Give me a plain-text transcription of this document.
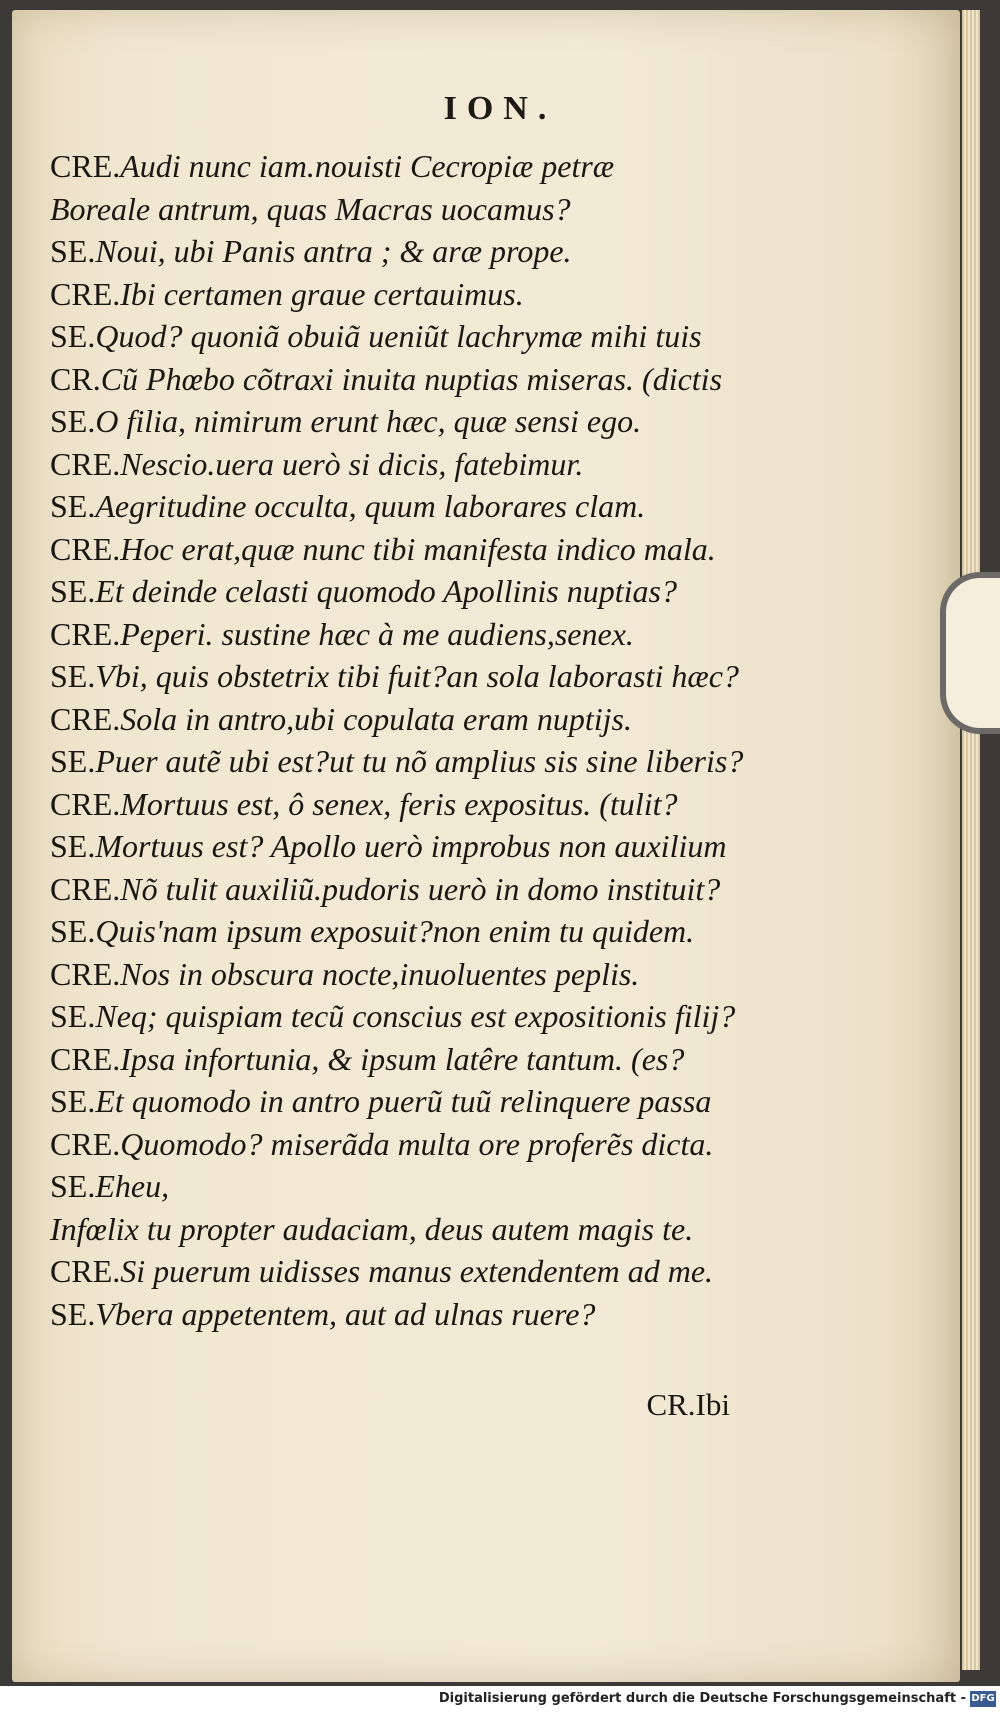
ION.
CRE.Audi nunc iam.nouisti Cecropiæ petræ
Boreale antrum, quas Macras uocamus?
SE.Noui, ubi Panis antra ; & aræ prope.
CRE.Ibi certamen graue certauimus.
SE.Quod? quoniã obuiã ueniũt lachrymæ mihi tuis
CR.Cũ Phœbo cõtraxi inuita nuptias miseras. (dictis
SE.O filia, nimirum erunt hæc, quæ sensi ego.
CRE.Nescio.uera uerò si dicis, fatebimur.
SE.Aegritudine occulta, quum laborares clam.
CRE.Hoc erat,quæ nunc tibi manifesta indico mala.
SE.Et deinde celasti quomodo Apollinis nuptias?
CRE.Peperi. sustine hæc à me audiens,senex.
SE.Vbi, quis obstetrix tibi fuit?an sola laborasti hæc?
CRE.Sola in antro,ubi copulata eram nuptijs.
SE.Puer autẽ ubi est?ut tu nõ amplius sis sine liberis?
CRE.Mortuus est, ô senex, feris expositus. (tulit?
SE.Mortuus est? Apollo uerò improbus non auxilium
CRE.Nõ tulit auxiliũ.pudoris uerò in domo instituit?
SE.Quis'nam ipsum exposuit?non enim tu quidem.
CRE.Nos in obscura nocte,inuoluentes peplis.
SE.Neq; quispiam tecũ conscius est expositionis filij?
CRE.Ipsa infortunia, & ipsum latêre tantum. (es?
SE.Et quomodo in antro puerũ tuũ relinquere passa
CRE.Quomodo? miserãda multa ore proferẽs dicta.
SE.Eheu,
Infœlix tu propter audaciam, deus autem magis te.
CRE.Si puerum uidisses manus extendentem ad me.
SE.Vbera appetentem, aut ad ulnas ruere?
CR.Ibi
Digitalisierung gefördert durch die Deutsche Forschungsgemeinschaft - DFG
